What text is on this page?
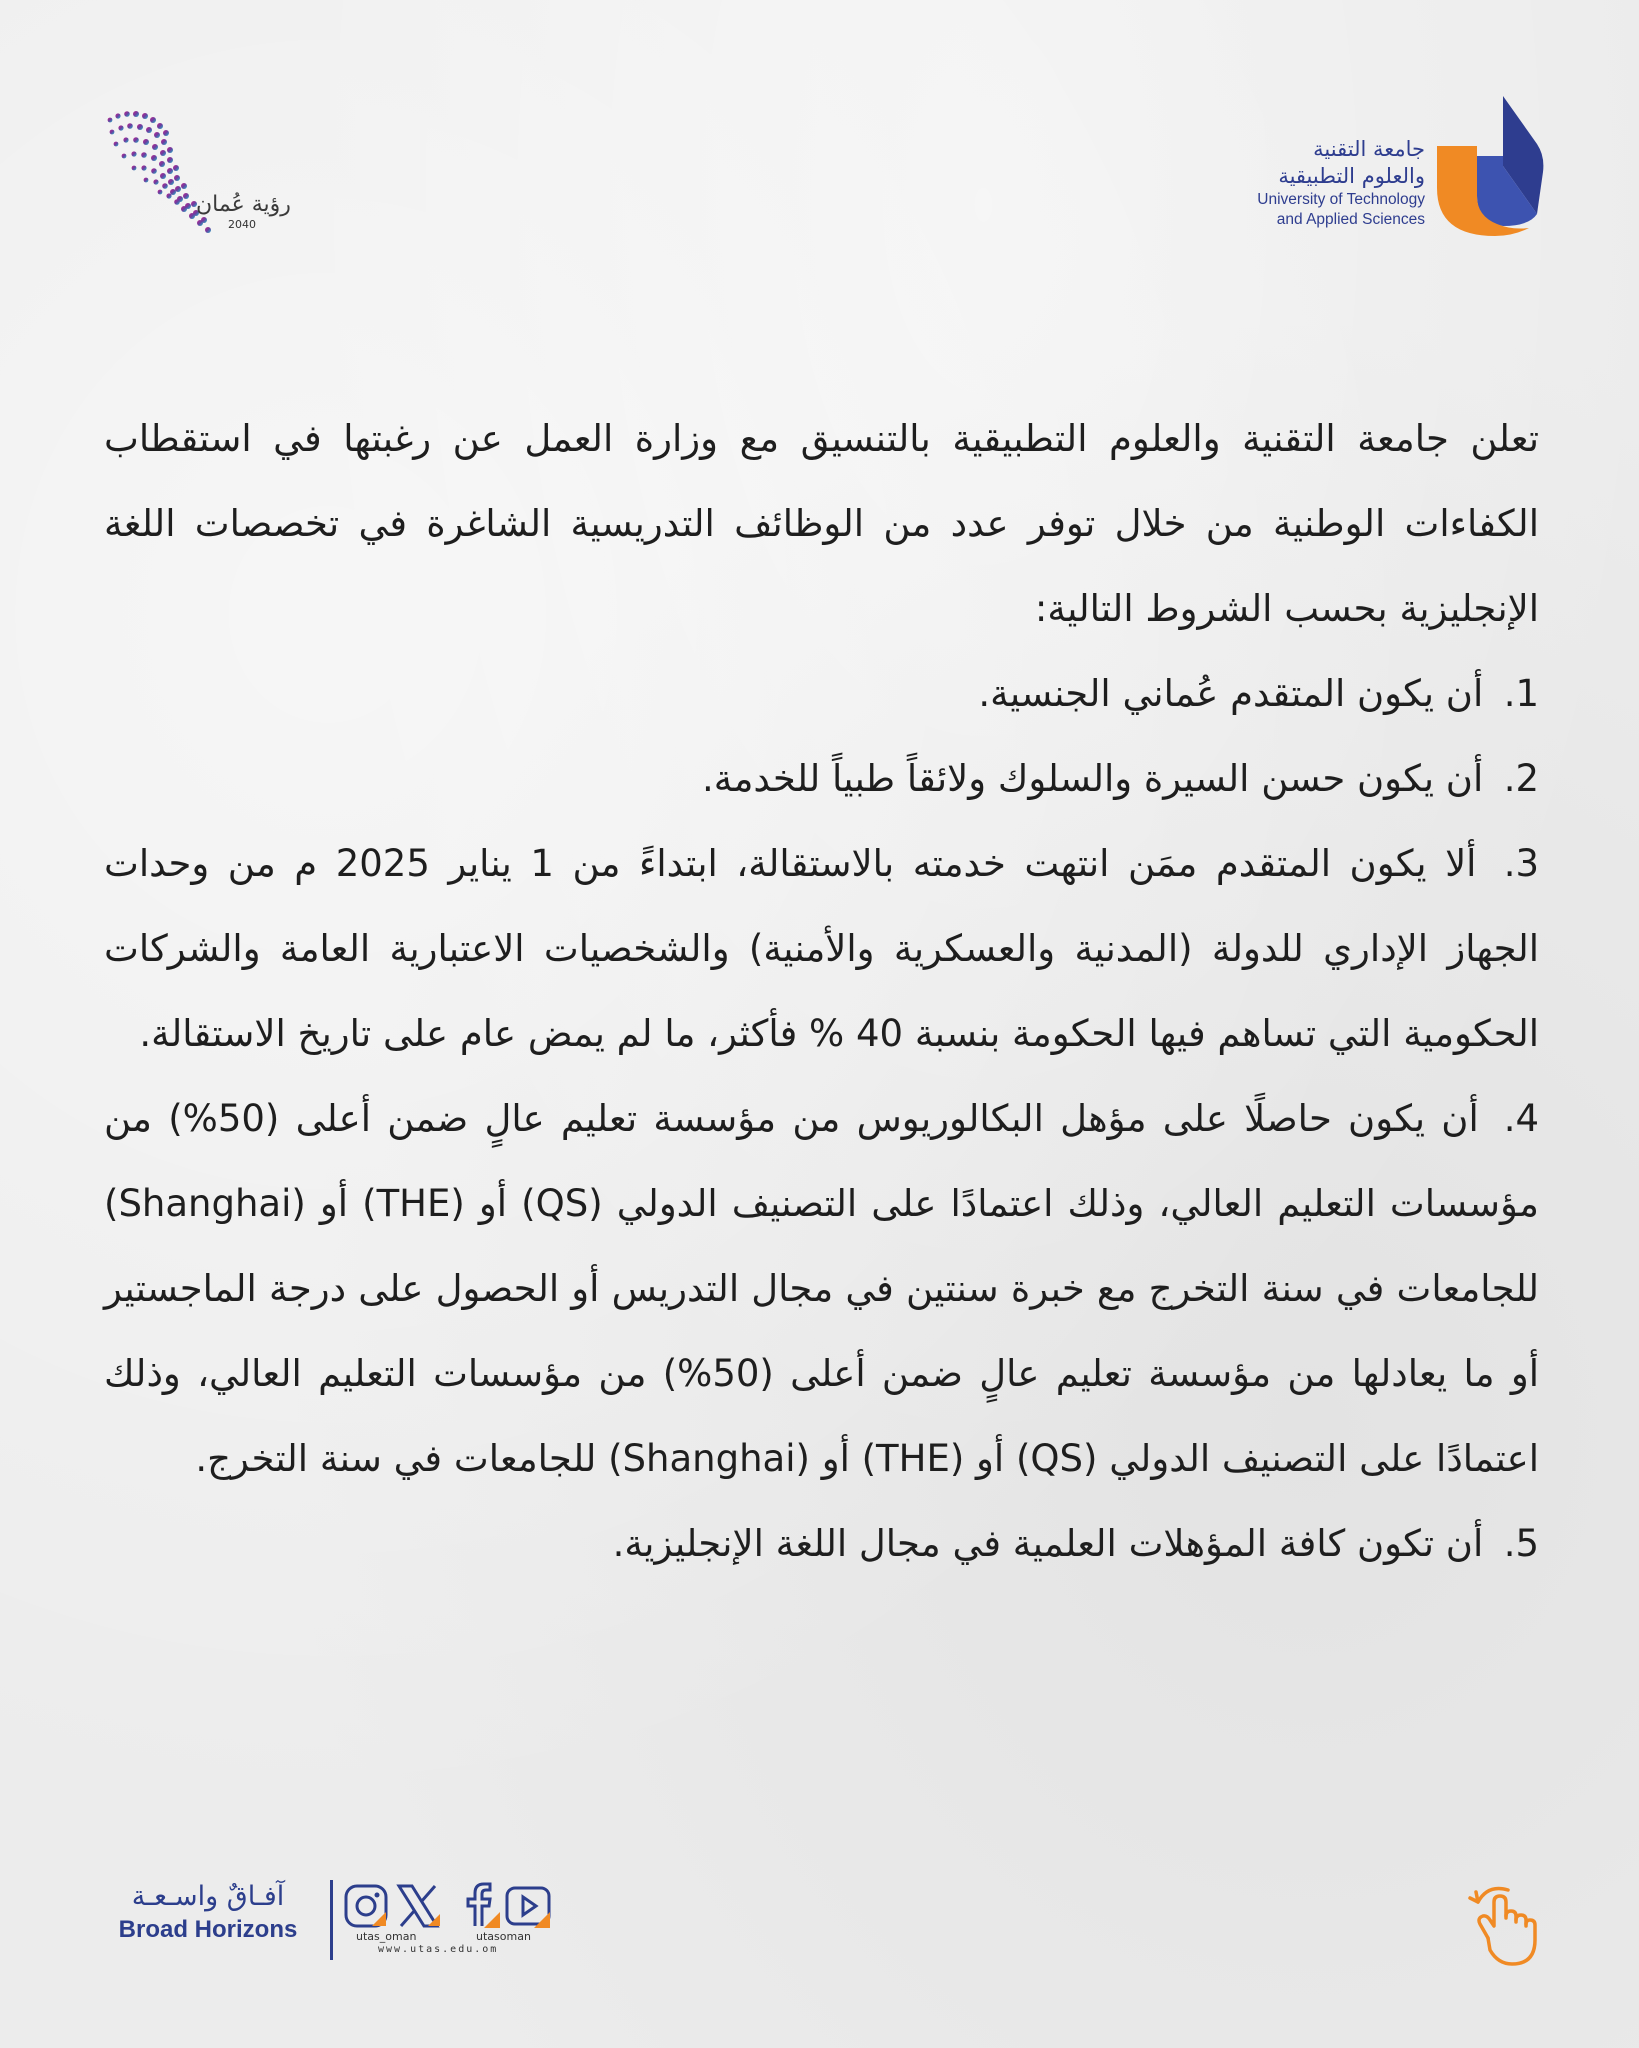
رؤية عُمان
2040
جامعة التقنية
والعلوم التطبيقية
University of Technology
and Applied Sciences

تعلن جامعة التقنية والعلوم التطبيقية بالتنسيق مع وزارة العمل عن رغبتها في استقطاب الكفاءات الوطنية من خلال توفر عدد من الوظائف التدريسية الشاغرة في تخصصات اللغة الإنجليزية بحسب الشروط التالية:

1. أن يكون المتقدم عُماني الجنسية.
2. أن يكون حسن السيرة والسلوك ولائقاً طبياً للخدمة.
3. ألا يكون المتقدم ممَن انتهت خدمته بالاستقالة، ابتداءً من 1 يناير 2025 م من وحدات الجهاز الإداري للدولة (المدنية والعسكرية والأمنية) والشخصيات الاعتبارية العامة والشركات الحكومية التي تساهم فيها الحكومة بنسبة 40 % فأكثر، ما لم يمض عام على تاريخ الاستقالة.
4. أن يكون حاصلًا على مؤهل البكالوريوس من مؤسسة تعليم عالٍ ضمن أعلى (50%) من مؤسسات التعليم العالي، وذلك اعتمادًا على التصنيف الدولي (QS) أو (THE) أو (Shanghai) للجامعات في سنة التخرج مع خبرة سنتين في مجال التدريس أو الحصول على درجة الماجستير أو ما يعادلها من مؤسسة تعليم عالٍ ضمن أعلى (50%) من مؤسسات التعليم العالي، وذلك اعتمادًا على التصنيف الدولي (QS) أو (THE) أو (Shanghai) للجامعات في سنة التخرج.
5. أن تكون كافة المؤهلات العلمية في مجال اللغة الإنجليزية.
آفـاقٌ واسـعـة
Broad Horizons	utas_oman	utasoman
www.utas.edu.om
